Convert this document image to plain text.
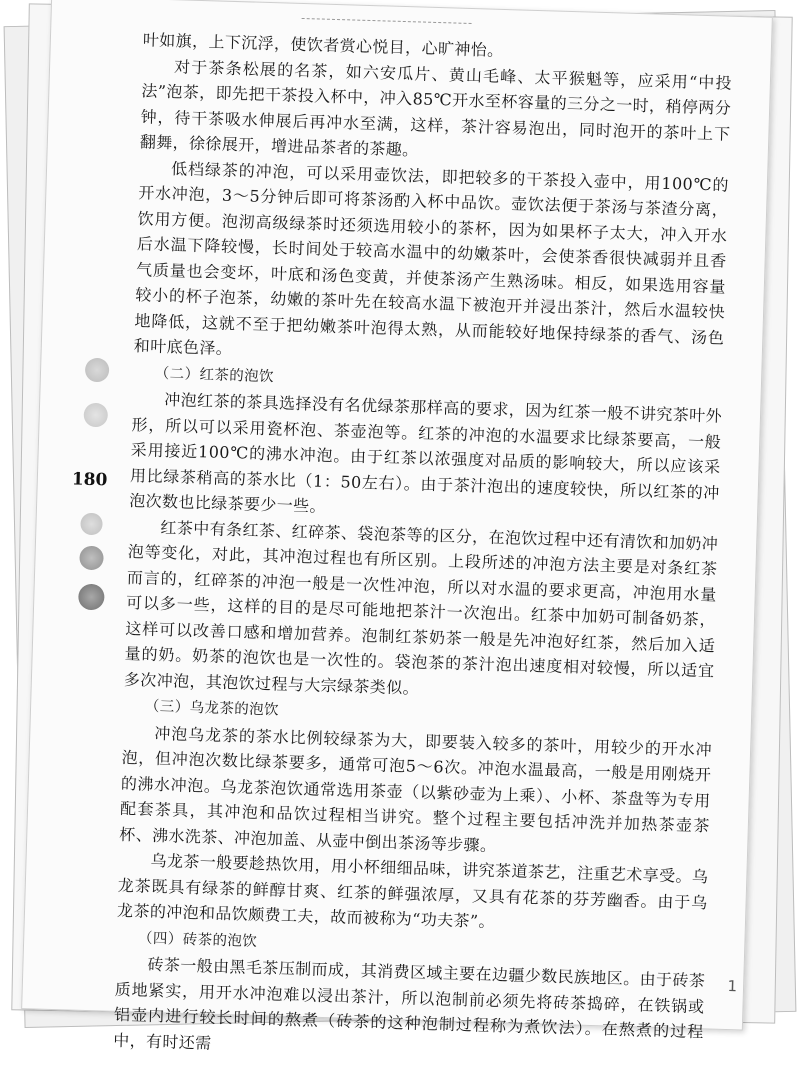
叶如旗，上下沉浮，使饮者赏心悦目，心旷神怡。

对于茶条松展的名茶，如六安瓜片、黄山毛峰、太平猴魁等，应采用“中投法”泡茶，即先把干茶投入杯中，冲入85℃开水至杯容量的三分之一时，稍停两分钟，待干茶吸水伸展后再冲水至满，这样，茶汁容易泡出，同时泡开的茶叶上下翻舞，徐徐展开，增进品茶者的茶趣。

低档绿茶的冲泡，可以采用壶饮法，即把较多的干茶投入壶中，用100℃的开水冲泡，3～5分钟后即可将茶汤酌入杯中品饮。壶饮法便于茶汤与茶渣分离，饮用方便。泡沏高级绿茶时还须选用较小的茶杯，因为如果杯子太大，冲入开水后水温下降较慢，长时间处于较高水温中的幼嫩茶叶，会使茶香很快减弱并且香气质量也会变坏，叶底和汤色变黄，并使茶汤产生熟汤味。相反，如果选用容量较小的杯子泡茶，幼嫩的茶叶先在较高水温下被泡开并浸出茶汁，然后水温较快地降低，这就不至于把幼嫩茶叶泡得太熟，从而能较好地保持绿茶的香气、汤色和叶底色泽。

（二）红茶的泡饮

冲泡红茶的茶具选择没有名优绿茶那样高的要求，因为红茶一般不讲究茶叶外形，所以可以采用瓷杯泡、茶壶泡等。红茶的冲泡的水温要求比绿茶要高，一般采用接近100℃的沸水冲泡。由于红茶以浓强度对品质的影响较大，所以应该采用比绿茶稍高的茶水比（1：50左右）。由于茶汁泡出的速度较快，所以红茶的冲泡次数也比绿茶要少一些。

红茶中有条红茶、红碎茶、袋泡茶等的区分，在泡饮过程中还有清饮和加奶冲泡等变化，对此，其冲泡过程也有所区别。上段所述的冲泡方法主要是对条红茶而言的，红碎茶的冲泡一般是一次性冲泡，所以对水温的要求更高，冲泡用水量可以多一些，这样的目的是尽可能地把茶汁一次泡出。红茶中加奶可制备奶茶，这样可以改善口感和增加营养。泡制红茶奶茶一般是先冲泡好红茶，然后加入适量的奶。奶茶的泡饮也是一次性的。袋泡茶的茶汁泡出速度相对较慢，所以适宜多次冲泡，其泡饮过程与大宗绿茶类似。

（三）乌龙茶的泡饮

冲泡乌龙茶的茶水比例较绿茶为大，即要装入较多的茶叶，用较少的开水冲泡，但冲泡次数比绿茶要多，通常可泡5～6次。冲泡水温最高，一般是用刚烧开的沸水冲泡。乌龙茶泡饮通常选用茶壶（以紫砂壶为上乘）、小杯、茶盘等为专用配套茶具，其冲泡和品饮过程相当讲究。整个过程主要包括冲洗并加热茶壶茶杯、沸水洗茶、冲泡加盖、从壶中倒出茶汤等步骤。

乌龙茶一般要趁热饮用，用小杯细细品味，讲究茶道茶艺，注重艺术享受。乌龙茶既具有绿茶的鲜醇甘爽、红茶的鲜强浓厚，又具有花茶的芬芳幽香。由于乌龙茶的冲泡和品饮颇费工夫，故而被称为“功夫茶”。

（四）砖茶的泡饮

砖茶一般由黑毛茶压制而成，其消费区域主要在边疆少数民族地区。由于砖茶质地紧实，用开水冲泡难以浸出茶汁，所以泡制前必须先将砖茶捣碎，在铁锅或铝壶内进行较长时间的熬煮（砖茶的这种泡制过程称为煮饮法）。在熬煮的过程中，有时还需

180
1
